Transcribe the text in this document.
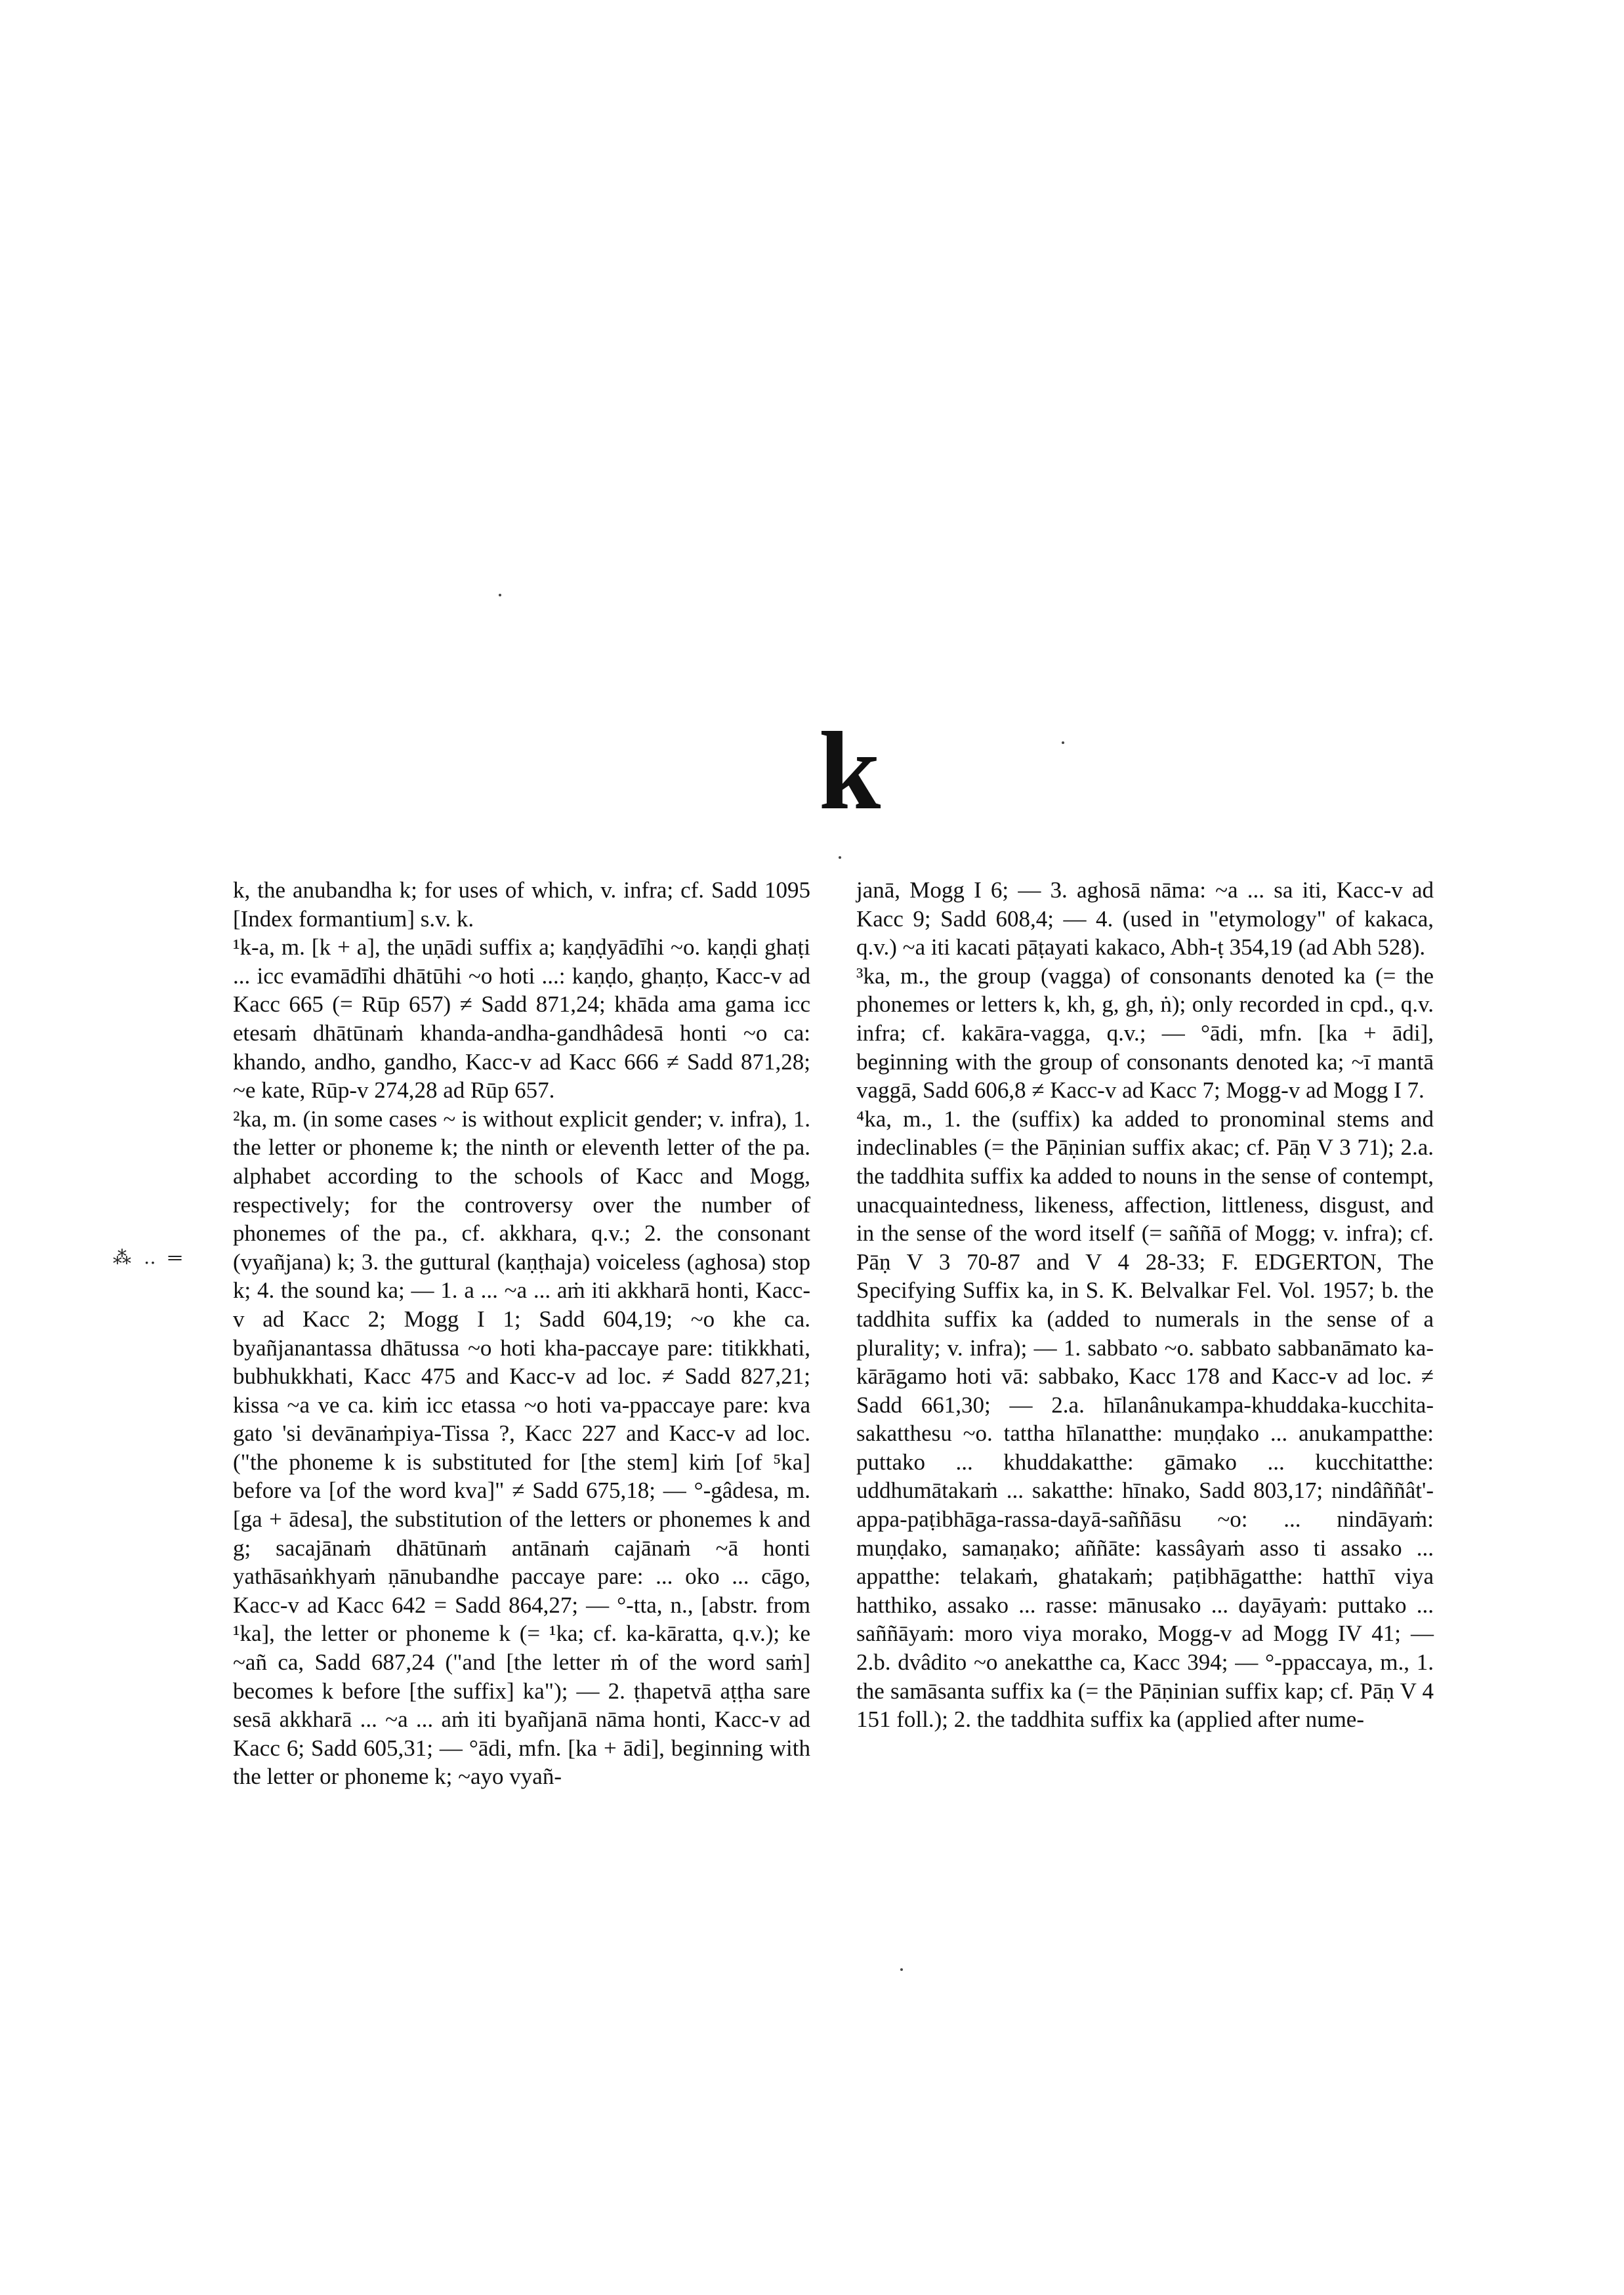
k
⁂ ‥ ═

k, the anubandha k; for uses of which, v. infra; cf. Sadd 1095 [Index formantium] s.v. k.

¹k-a, m. [k + a], the uṇādi suffix a; kaṇḍyādīhi ~o. kaṇḍi ghaṭi ... icc evamādīhi dhātūhi ~o hoti ...: kaṇḍo, ghaṇṭo, Kacc-v ad Kacc 665 (= Rūp 657) ≠ Sadd 871,24; khāda ama gama icc etesaṁ dhātūnaṁ khanda-andha-gandhâdesā honti ~o ca: khando, andho, gandho, Kacc-v ad Kacc 666 ≠ Sadd 871,28; ~e kate, Rūp-v 274,28 ad Rūp 657.

²ka, m. (in some cases ~ is without explicit gender; v. infra), 1. the letter or phoneme k; the ninth or eleventh letter of the pa. alphabet according to the schools of Kacc and Mogg, respectively; for the controversy over the number of phonemes of the pa., cf. akkhara, q.v.; 2. the consonant (vyañjana) k; 3. the guttural (kaṇṭhaja) voiceless (aghosa) stop k; 4. the sound ka; — 1. a ... ~a ... aṁ iti akkharā honti, Kacc-v ad Kacc 2; Mogg I 1; Sadd 604,19; ~o khe ca. byañjanantassa dhātussa ~o hoti kha-paccaye pare: titikkhati, bubhukkhati, Kacc 475 and Kacc-v ad loc. ≠ Sadd 827,21; kissa ~a ve ca. kiṁ icc etassa ~o hoti va-ppaccaye pare: kva gato 'si devānaṁpiya-Tissa ?, Kacc 227 and Kacc-v ad loc. ("the phoneme k is substituted for [the stem] kiṁ [of ⁵ka] before va [of the word kva]" ≠ Sadd 675,18; — °-gâdesa, m. [ga + ādesa], the substitution of the letters or phonemes k and g; sacajānaṁ dhātūnaṁ antānaṁ cajānaṁ ~ā honti yathāsaṅkhyaṁ ṇānubandhe paccaye pare: ... oko ... cāgo, Kacc-v ad Kacc 642 = Sadd 864,27; — °-tta, n., [abstr. from ¹ka], the letter or phoneme k (= ¹ka; cf. ka-kāratta, q.v.); ke ~añ ca, Sadd 687,24 ("and [the letter ṁ of the word saṁ] becomes k before [the suffix] ka"); — 2. ṭhapetvā aṭṭha sare sesā akkharā ... ~a ... aṁ iti byañjanā nāma honti, Kacc-v ad Kacc 6; Sadd 605,31; — °ādi, mfn. [ka + ādi], beginning with the letter or phoneme k; ~ayo vyañ-

janā, Mogg I 6; — 3. aghosā nāma: ~a ... sa iti, Kacc-v ad Kacc 9; Sadd 608,4; — 4. (used in "etymology" of kakaca, q.v.) ~a iti kacati pāṭayati kakaco, Abh-ṭ 354,19 (ad Abh 528).

³ka, m., the group (vagga) of consonants denoted ka (= the phonemes or letters k, kh, g, gh, ṅ); only recorded in cpd., q.v. infra; cf. kakāra-vagga, q.v.; — °ādi, mfn. [ka + ādi], beginning with the group of consonants denoted ka; ~ī mantā vaggā, Sadd 606,8 ≠ Kacc-v ad Kacc 7; Mogg-v ad Mogg I 7.

⁴ka, m., 1. the (suffix) ka added to pronominal stems and indeclinables (= the Pāṇinian suffix akac; cf. Pāṇ V 3 71); 2.a. the taddhita suffix ka added to nouns in the sense of contempt, unacquaintedness, likeness, affection, littleness, disgust, and in the sense of the word itself (= saññā of Mogg; v. infra); cf. Pāṇ V 3 70-87 and V 4 28-33; F. EDGERTON, The Specifying Suffix ka, in S. K. Belvalkar Fel. Vol. 1957; b. the taddhita suffix ka (added to numerals in the sense of a plurality; v. infra); — 1. sabbato ~o. sabbato sabbanāmato ka-kārāgamo hoti vā: sabbako, Kacc 178 and Kacc-v ad loc. ≠ Sadd 661,30; — 2.a. hīlanânukampa-khuddaka-kucchita-sakatthesu ~o. tattha hīlanatthe: muṇḍako ... anukampatthe: puttako ... khuddakatthe: gāmako ... kucchitatthe: uddhumātakaṁ ... sakatthe: hīnako, Sadd 803,17; nindâññât'-appa-paṭibhāga-rassa-dayā-saññāsu ~o: ... nindāyaṁ: muṇḍako, samaṇako; aññāte: kassâyaṁ asso ti assako ... appatthe: telakaṁ, ghatakaṁ; paṭibhāgatthe: hatthī viya hatthiko, assako ... rasse: mānusako ... dayāyaṁ: puttako ... saññāyaṁ: moro viya morako, Mogg-v ad Mogg IV 41; — 2.b. dvâdito ~o anekatthe ca, Kacc 394; — °-ppaccaya, m., 1. the samāsanta suffix ka (= the Pāṇinian suffix kap; cf. Pāṇ V 4 151 foll.); 2. the taddhita suffix ka (applied after nume-
